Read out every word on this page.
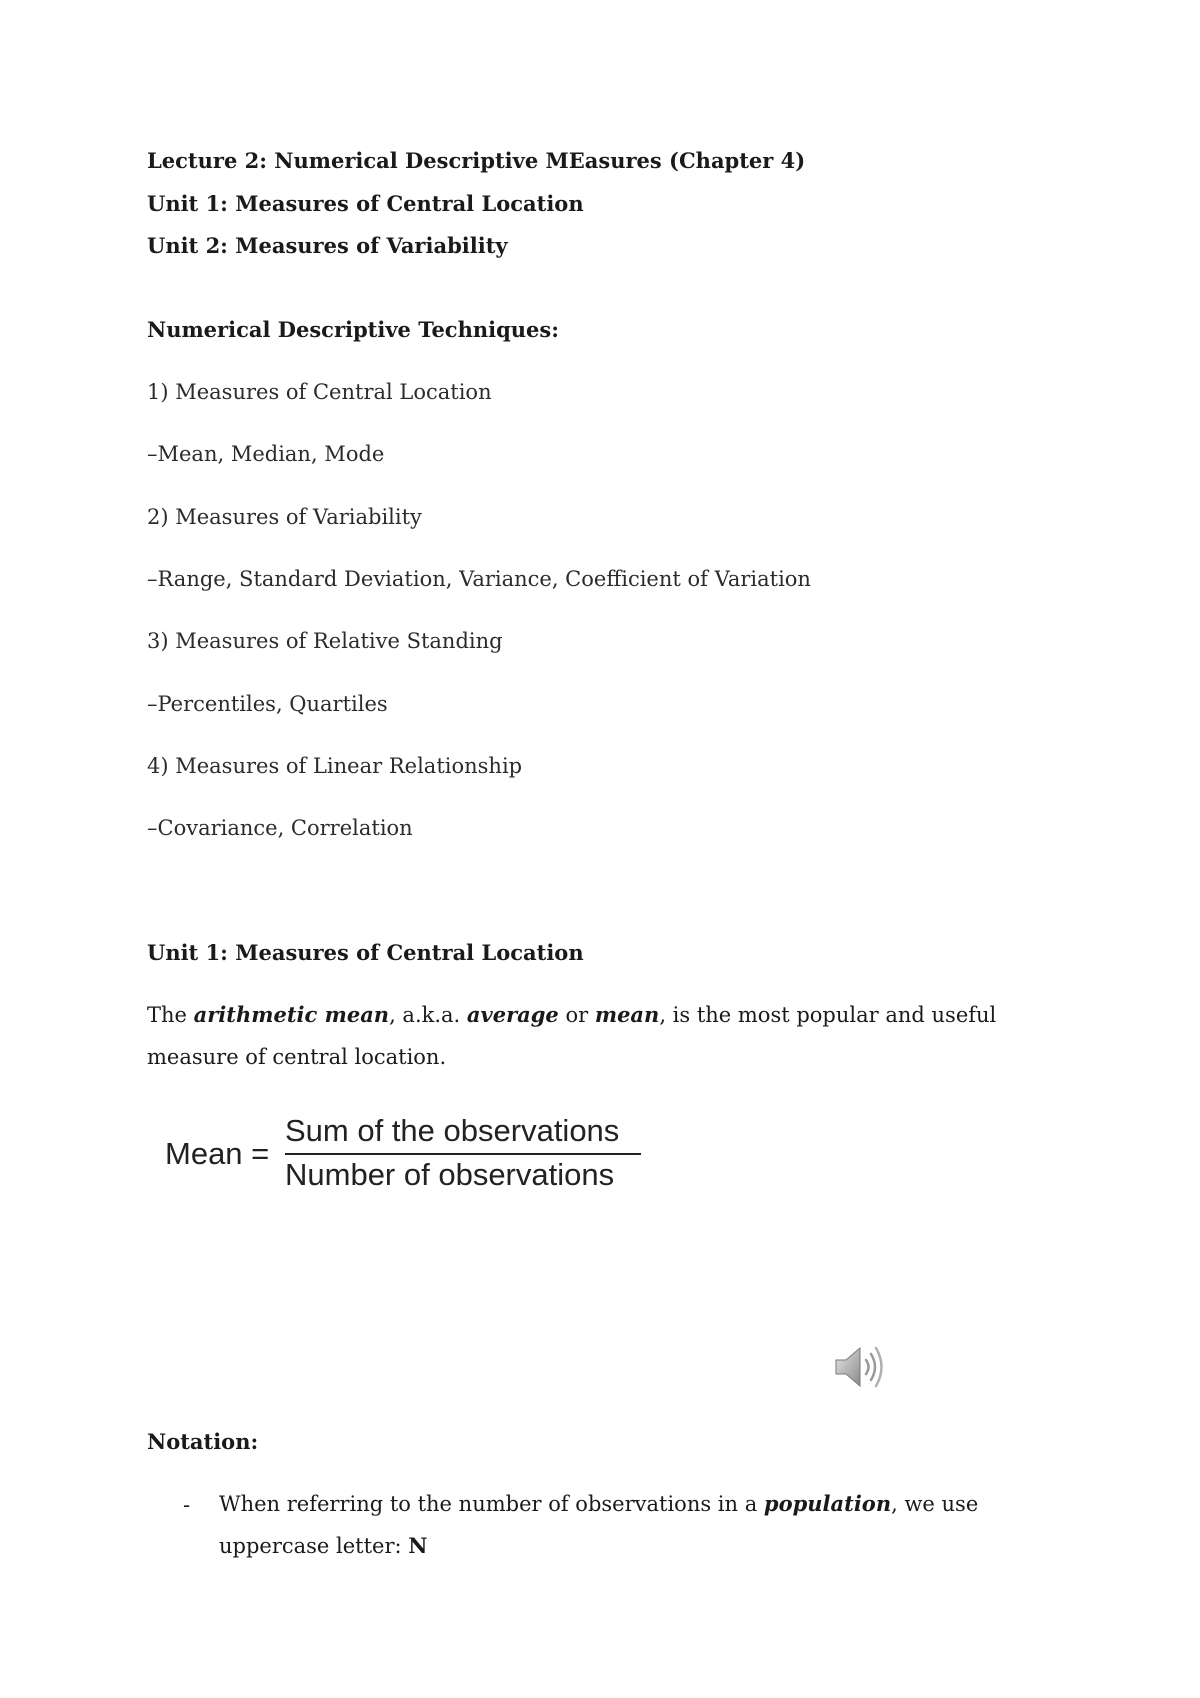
Lecture 2: Numerical Descriptive MEasures (Chapter 4)
Unit 1: Measures of Central Location
Unit 2: Measures of Variability
Numerical Descriptive Techniques:
1) Measures of Central Location
–Mean, Median, Mode
2) Measures of Variability
–Range, Standard Deviation, Variance, Coefficient of Variation
3) Measures of Relative Standing
–Percentiles, Quartiles
4) Measures of Linear Relationship
–Covariance, Correlation
Unit 1: Measures of Central Location
The arithmetic mean, a.k.a. average or mean, is the most popular and useful measure of central location.
Mean =
Sum of the observations
Number of observations
Notation:
- When referring to the number of observations in a population, we use uppercase letter: N
